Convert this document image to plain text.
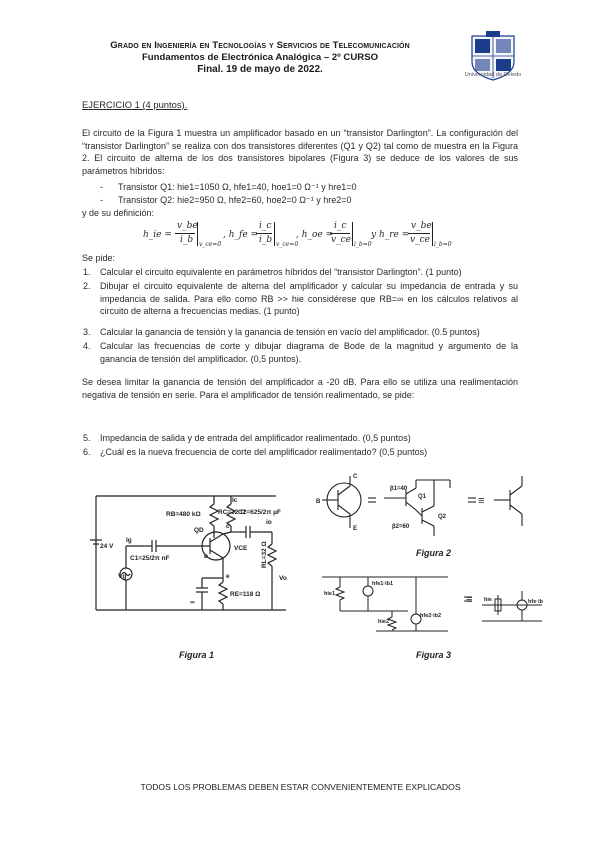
Grado en Ingeniería en Tecnologías y Servicios de Telecomunicación
Fundamentos de Electrónica Analógica – 2º CURSO
Final. 19 de mayo de 2022.	Universidad de Oviedo
EJERCICIO 1 (4 puntos).
El circuito de la Figura 1 muestra un amplificador basado en un “transistor Darlington”. La configuración del “transistor Darlington” se realiza con dos transistores diferentes (Q1 y Q2) tal como de muestra en la Figura 2. El circuito de alterna de los dos transistores bipolares (Figura 3) se deduce de los valores de sus parámetros híbridos:
- Transistor Q1: hie1=1050 Ω, hfe1=40, hoe1=0 Ω⁻¹ y hre1=0
- Transistor Q2: hie2=950 Ω, hfe2=60, hoe2=0 Ω⁻¹ y hre2=0
y de su definición:
h_ie =
v_be
i_b v_ce=0
, h_fe =
i_c
i_b v_ce=0
, h_oe =
i_c
v_ce i_b=0
y h_re =
v_be
v_ce i_b=0
Se pide:
1.	Calcular el circuito equivalente en parámetros híbridos del “transistor Darlington”. (1 punto)
2.	Dibujar el circuito equivalente de alterna del amplificador y calcular su impedancia de entrada y su impedancia de salida. Para ello como RB >> hie considérese que RB=∞ en los cálculos relativos al circuito de alterna a frecuencias medias. (1 punto)
3.	Calcular la ganancia de tensión y la ganancia de tensión en vacío del amplificador. (0.5 puntos)
4.	Calcular las frecuencias de corte y dibujar diagrama de Bode de la magnitud y argumento de la ganancia de tensión del amplificador. (0,5 puntos).
Se desea limitar la ganancia de tensión del amplificador a -20 dB. Para ello se utiliza una realimentación negativa de tensión en serie. Para el amplificador de tensión realimentado, se pide:
5.	Impedancia de salida y de entrada del amplificador realimentado. (0,5 puntos)
6.	¿Cuál es la nueva frecuencia de corte del amplificador realimentado? (0,5 puntos)
24 V
Vg
Ig
C1=25/2π nF
RB=480 kΩ	RC=32 Ω
C2=625/2π µF
Ic
QD
VCE
c
b
e
io
Vo
RE=118 Ω
∞
RL=32 Ω
Figura 1
B
C
E
β1=40
Q1
Q2
β2=60
≡
Figura 2
hie1
hfe1·ib1
hie2
hfe2·ib2
≡ hie	hfe·ib
Figura 3
TODOS LOS PROBLEMAS DEBEN ESTAR CONVENIENTEMENTE EXPLICADOS
